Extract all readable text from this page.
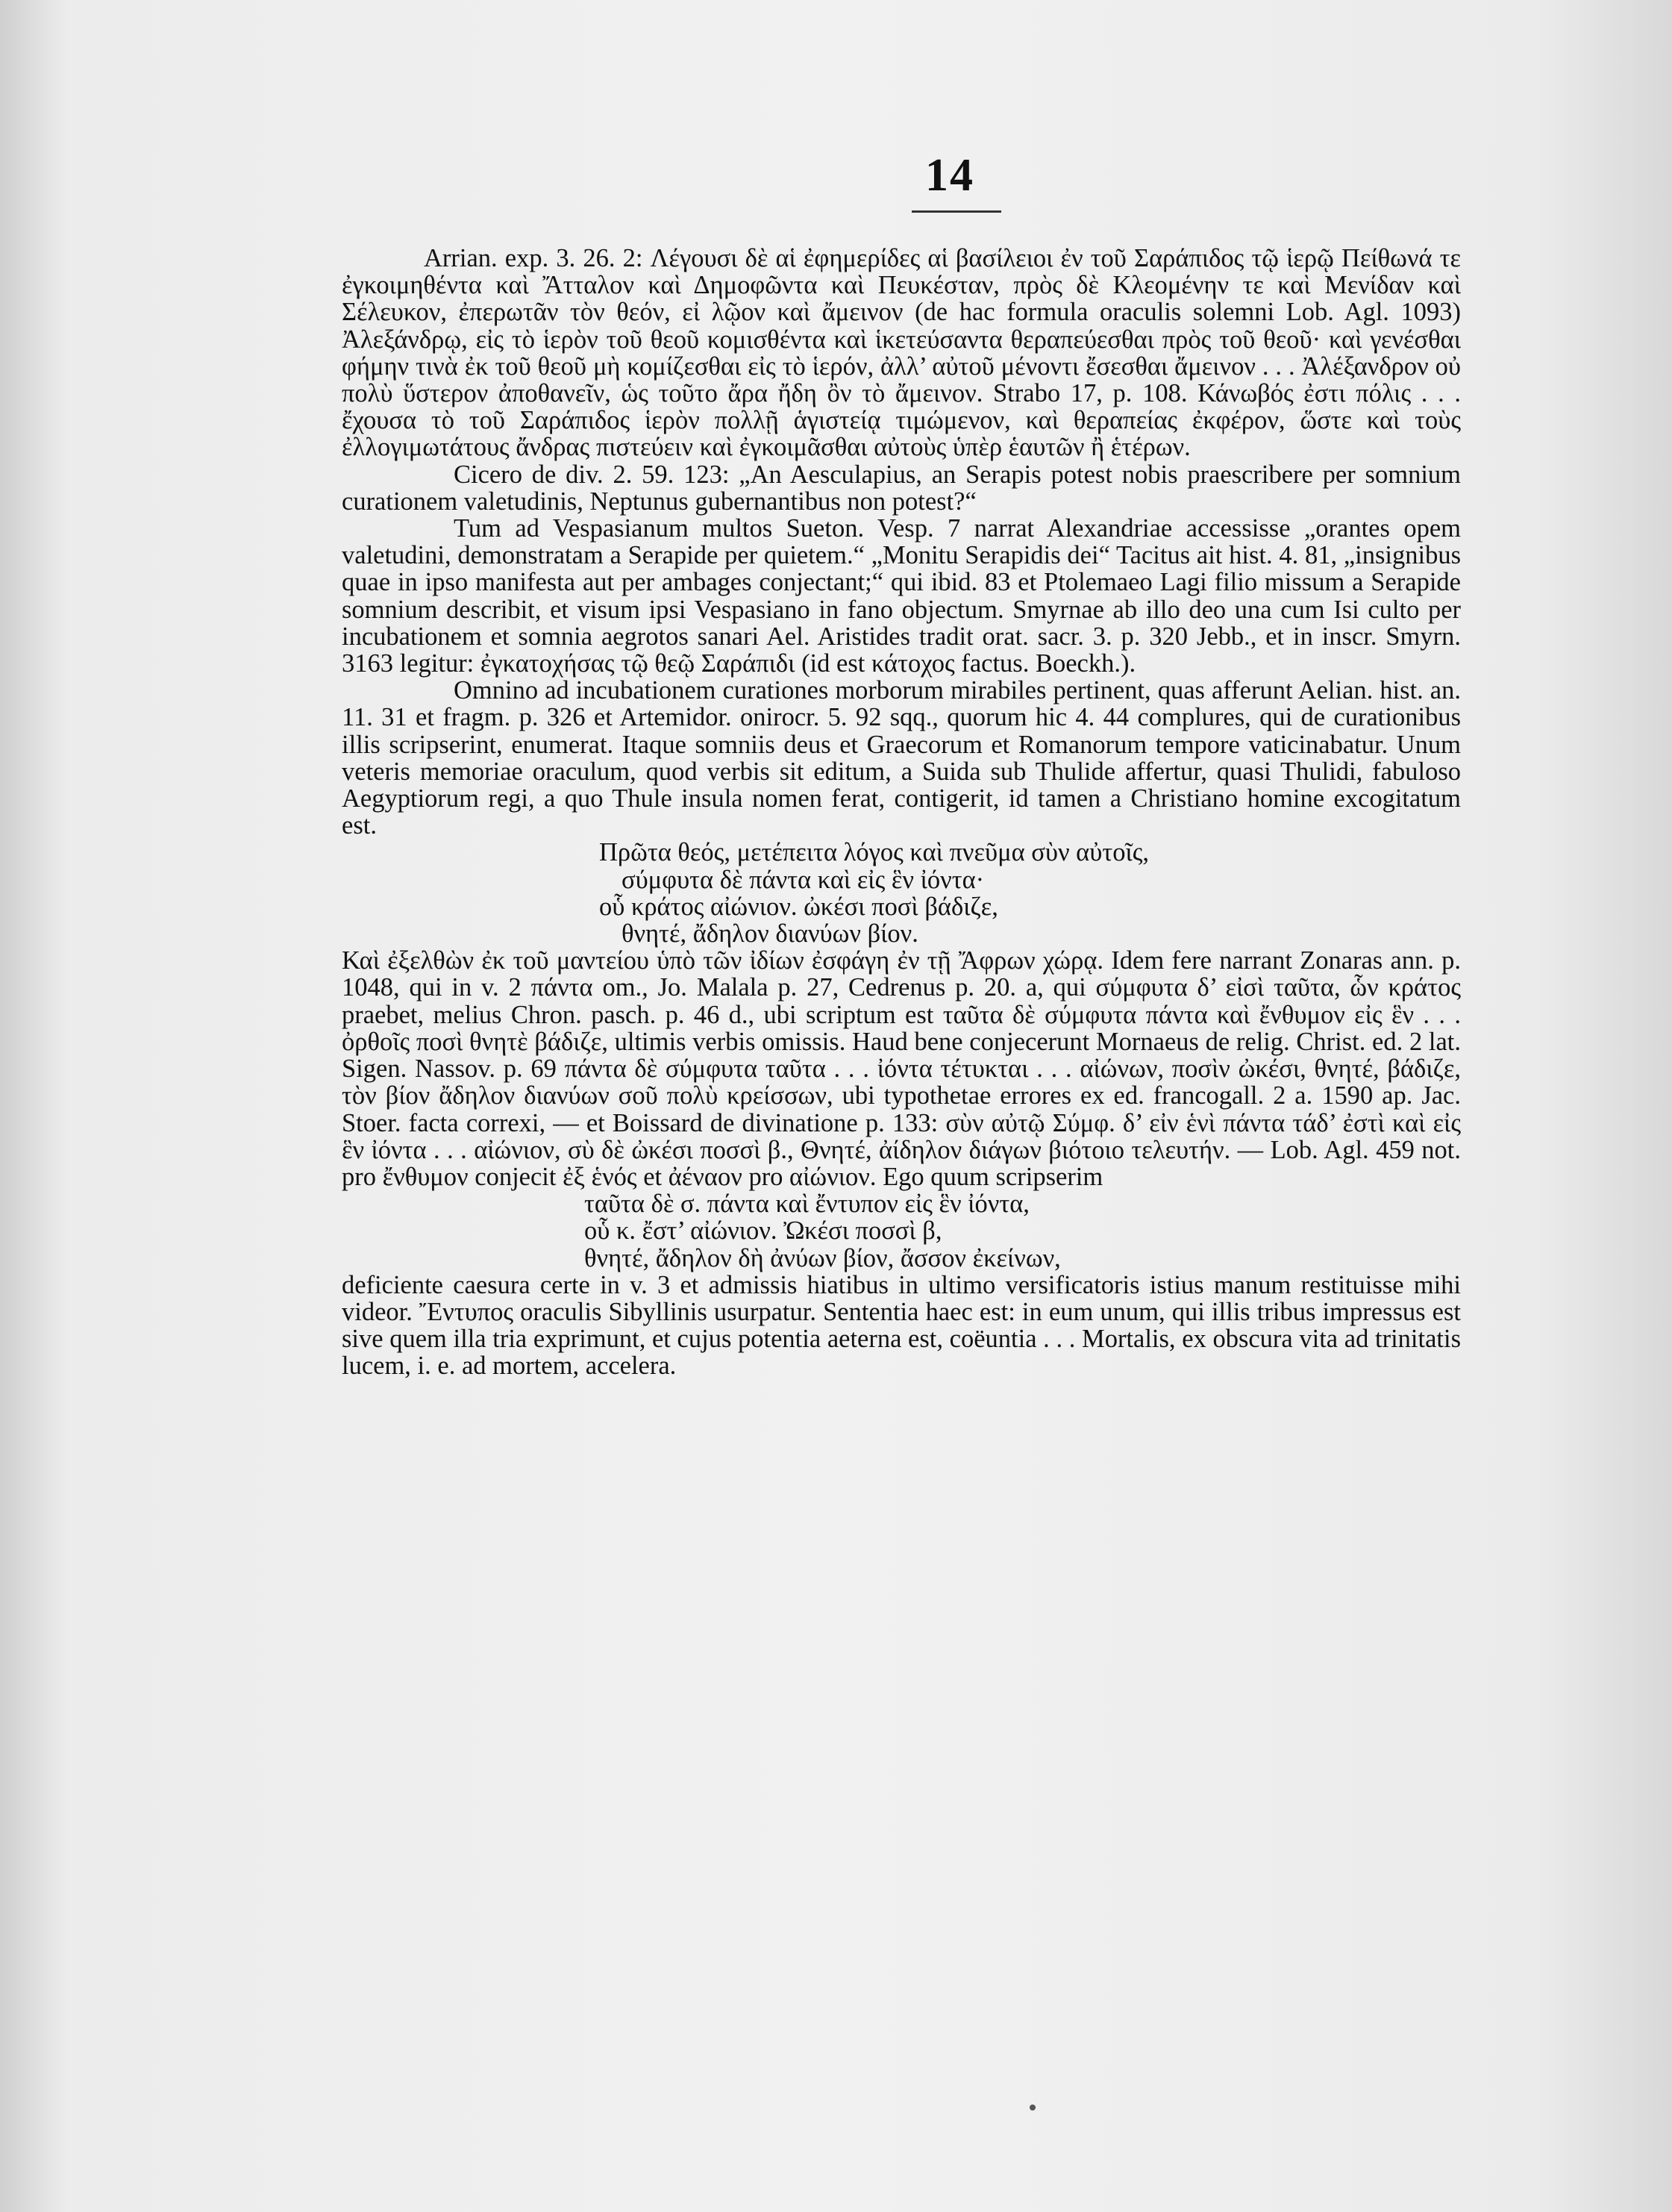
14

Arrian. exp. 3. 26. 2: Λέγουσι δὲ αἱ ἐφημερίδες αἱ βασίλειοι ἐν τοῦ Σαράπιδος τῷ ἱερῷ Πείθωνά τε ἐγκοιμηθέντα καὶ Ἄτταλον καὶ Δημοφῶντα καὶ Πευκέσταν, πρὸς δὲ Κλεομένην τε καὶ Μενίδαν καὶ Σέλευκον, ἐπερωτᾶν τὸν θεόν, εἰ λῷον καὶ ἄμεινον (de hac formula oraculis solemni Lob. Agl. 1093) Ἀλεξάνδρῳ, εἰς τὸ ἱερὸν τοῦ θεοῦ κομισθέντα καὶ ἱκετεύσαντα θεραπεύεσθαι πρὸς τοῦ θεοῦ· καὶ γενέσθαι φήμην τινὰ ἐκ τοῦ θεοῦ μὴ κομίζεσθαι εἰς τὸ ἱερόν, ἀλλ’ αὐτοῦ μένοντι ἔσεσθαι ἄμεινον . . . Ἀλέξανδρον οὐ πολὺ ὕστερον ἀποθανεῖν, ὡς τοῦτο ἄρα ἤδη ὂν τὸ ἄμεινον. Strabo 17, p. 108. Κάνωβός ἐστι πόλις . . . ἔχουσα τὸ τοῦ Σαράπιδος ἱερὸν πολλῇ ἁγιστείᾳ τιμώμενον, καὶ θεραπείας ἐκφέρον, ὥστε καὶ τοὺς ἐλλογιμωτάτους ἄνδρας πιστεύειν καὶ ἐγκοιμᾶσθαι αὐτοὺς ὑπὲρ ἑαυτῶν ἢ ἑτέρων.

Cicero de div. 2. 59. 123: „An Aesculapius, an Serapis potest nobis praescribere per somnium curationem valetudinis, Neptunus gubernantibus non potest?“

Tum ad Vespasianum multos Sueton. Vesp. 7 narrat Alexandriae accessisse „orantes opem valetudini, demonstratam a Serapide per quietem.“ „Monitu Serapidis dei“ Tacitus ait hist. 4. 81, „insignibus quae in ipso manifesta aut per ambages conjectant;“ qui ibid. 83 et Ptolemaeo Lagi filio missum a Serapide somnium describit, et visum ipsi Vespasiano in fano objectum. Smyrnae ab illo deo una cum Isi culto per incubationem et somnia aegrotos sanari Ael. Aristides tradit orat. sacr. 3. p. 320 Jebb., et in inscr. Smyrn. 3163 legitur: ἐγκατοχήσας τῷ θεῷ Σαράπιδι (id est κάτοχος factus. Boeckh.).

Omnino ad incubationem curationes morborum mirabiles pertinent, quas afferunt Aelian. hist. an. 11. 31 et fragm. p. 326 et Artemidor. onirocr. 5. 92 sqq., quorum hic 4. 44 complures, qui de curationibus illis scripserint, enumerat. Itaque somniis deus et Graecorum et Romanorum tempore vaticinabatur. Unum veteris memoriae oraculum, quod verbis sit editum, a Suida sub Thulide affertur, quasi Thulidi, fabuloso Aegyptiorum regi, a quo Thule insula nomen ferat, contigerit, id tamen a Christiano homine excogitatum est.

Πρῶτα θεός, μετέπειτα λόγος καὶ πνεῦμα σὺν αὐτοῖς,
σύμφυτα δὲ πάντα καὶ εἰς ἓν ἰόντα·
οὗ κράτος αἰώνιον. ὠκέσι ποσὶ βάδιζε,
θνητέ, ἄδηλον διανύων βίον.

Καὶ ἐξελθὼν ἐκ τοῦ μαντείου ὑπὸ τῶν ἰδίων ἐσφάγη ἐν τῇ Ἄφρων χώρᾳ. Idem fere narrant Zonaras ann. p. 1048, qui in v. 2 πάντα om., Jo. Malala p. 27, Cedrenus p. 20. a, qui σύμφυτα δ’ εἰσὶ ταῦτα, ὧν κράτος praebet, melius Chron. pasch. p. 46 d., ubi scriptum est ταῦτα δὲ σύμφυτα πάντα καὶ ἔνθυμον εἰς ἓν . . . ὀρθοῖς ποσὶ θνητὲ βάδιζε, ultimis verbis omissis. Haud bene conjecerunt Mornaeus de relig. Christ. ed. 2 lat. Sigen. Nassov. p. 69 πάντα δὲ σύμφυτα ταῦτα . . . ἰόντα τέτυκται . . . αἰώνων, ποσὶν ὠκέσι, θνητέ, βάδιζε, τὸν βίον ἄδηλον διανύων σοῦ πολὺ κρείσσων, ubi typothetae errores ex ed. francogall. 2 a. 1590 ap. Jac. Stoer. facta correxi, — et Boissard de divinatione p. 133: σὺν αὐτῷ Σύμφ. δ’ εἰν ἑνὶ πάντα τάδ’ ἐστὶ καὶ εἰς ἓν ἰόντα . . . αἰώνιον, σὺ δὲ ὠκέσι ποσσὶ β., Θνητέ, ἀίδηλον διάγων βιότοιο τελευτήν. — Lob. Agl. 459 not. pro ἔνθυμον conjecit ἐξ ἑνός et ἀέναον pro αἰώνιον. Ego quum scripserim

ταῦτα δὲ σ. πάντα καὶ ἔντυπον εἰς ἓν ἰόντα,
οὗ κ. ἔστ’ αἰώνιον. Ὠκέσι ποσσὶ β,
θνητέ, ἄδηλον δὴ ἀνύων βίον, ἄσσον ἐκείνων,

deficiente caesura certe in v. 3 et admissis hiatibus in ultimo versificatoris istius manum restituisse mihi videor. Ἔντυπος oraculis Sibyllinis usurpatur. Sententia haec est: in eum unum, qui illis tribus impressus est sive quem illa tria exprimunt, et cujus potentia aeterna est, coëuntia . . . Mortalis, ex obscura vita ad trinitatis lucem, i. e. ad mortem, accelera.
